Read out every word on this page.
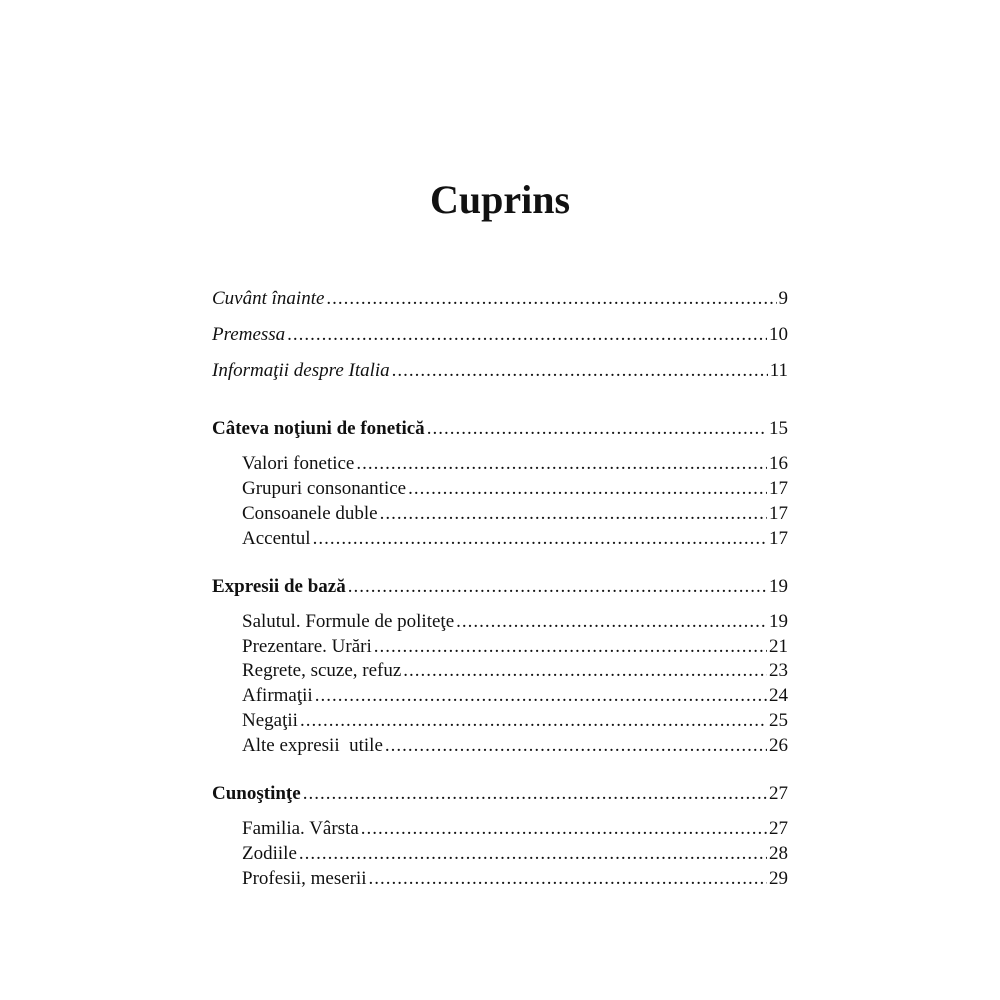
Cuprins
Cuvânt înainte .....	9
Premessa .....	10
Informaţii despre Italia .....	11
Câteva noţiuni de fonetică .....	15
Valori fonetice .....	16
Grupuri consonantice .....	17
Consoanele duble .....	17
Accentul .....	17
Expresii de bază .....	19
Salutul. Formule de politeţe .....	19
Prezentare. Urări .....	21
Regrete, scuze, refuz .....	23
Afirmaţii .....	24
Negaţii .....	25
Alte expresii  utile .....	26
Cunoştinţe .....	27
Familia. Vârsta .....	27
Zodiile .....	28
Profesii, meserii .....	29
